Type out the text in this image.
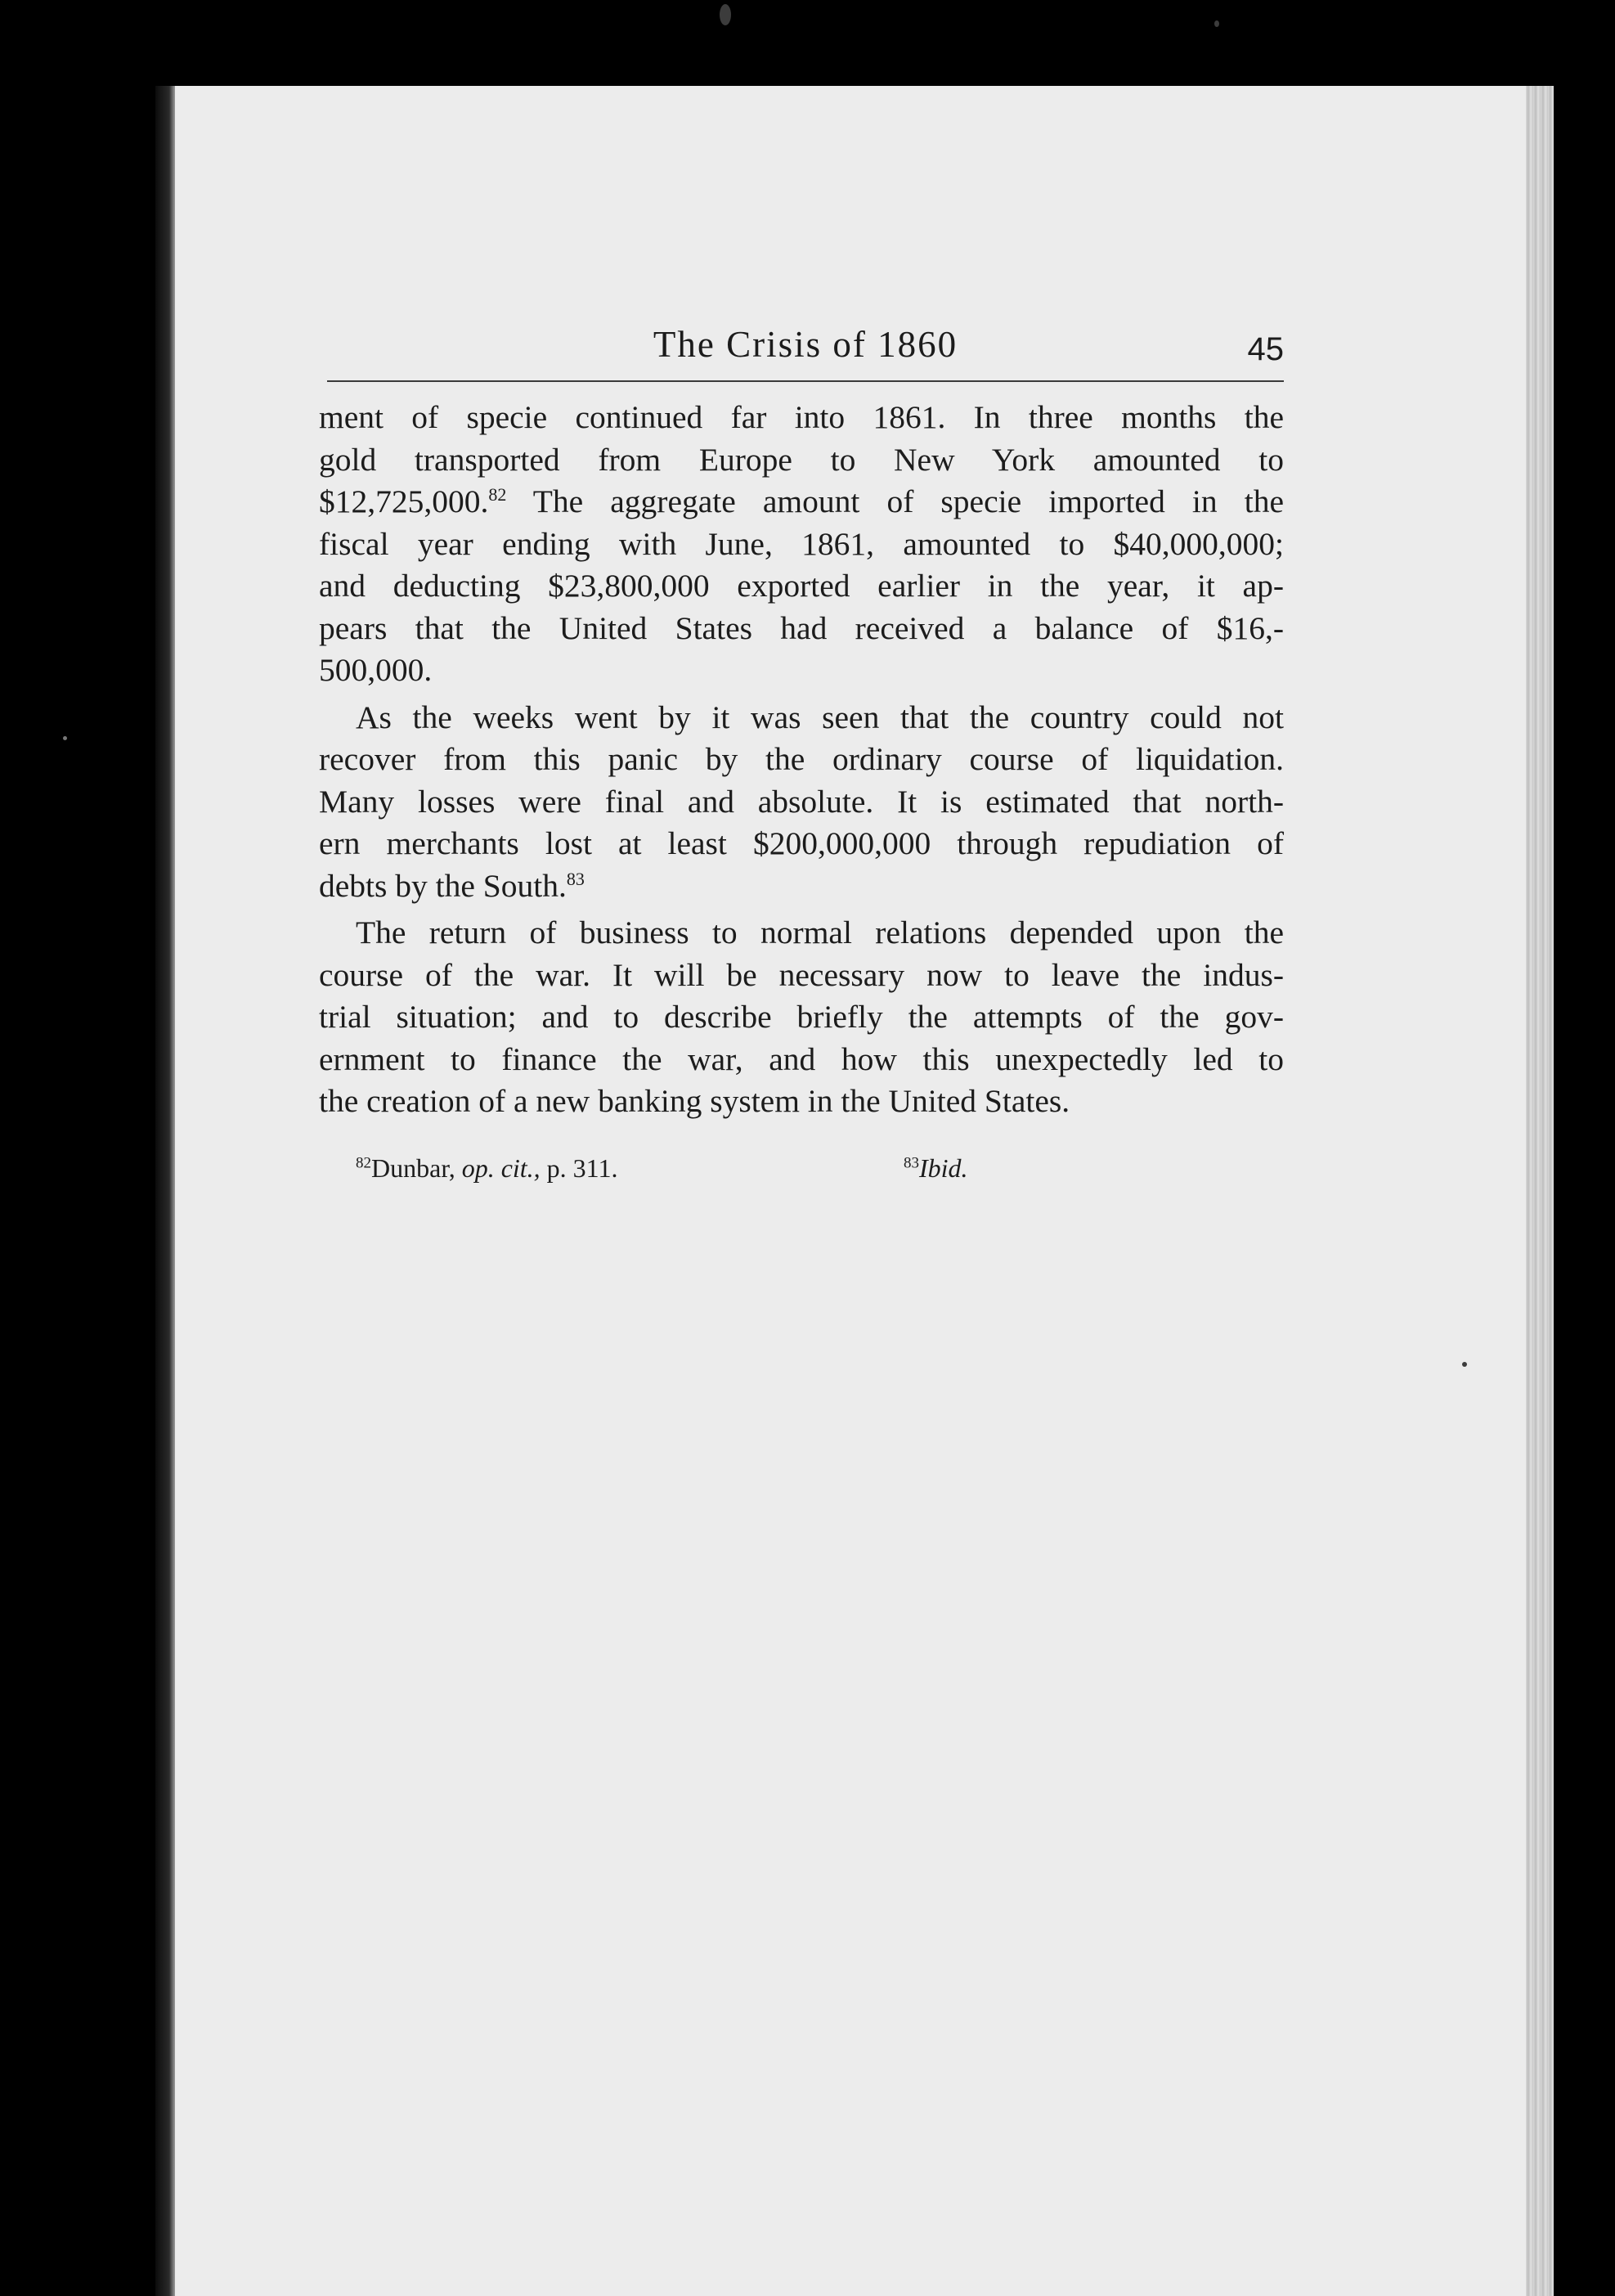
The Crisis of 1860	45
ment of specie continued far into 1861. In three months the
gold transported from Europe to New York amounted to
$12,725,000.82 The aggregate amount of specie imported in the
fiscal year ending with June, 1861, amounted to $40,000,000;
and deducting $23,800,000 exported earlier in the year, it ap-
pears that the United States had received a balance of $16,-
500,000.
As the weeks went by it was seen that the country could not
recover from this panic by the ordinary course of liquidation.
Many losses were final and absolute. It is estimated that north-
ern merchants lost at least $200,000,000 through repudiation of
debts by the South.$^{83}$
The return of business to normal relations depended upon the
course of the war. It will be necessary now to leave the indus-
trial situation; and to describe briefly the attempts of the gov-
ernment to finance the war, and how this unexpectedly led to
the creation of a new banking system in the United States.
$^{82}$Dunbar, op. cit., p. 311.	$^{83}$Ibid.
